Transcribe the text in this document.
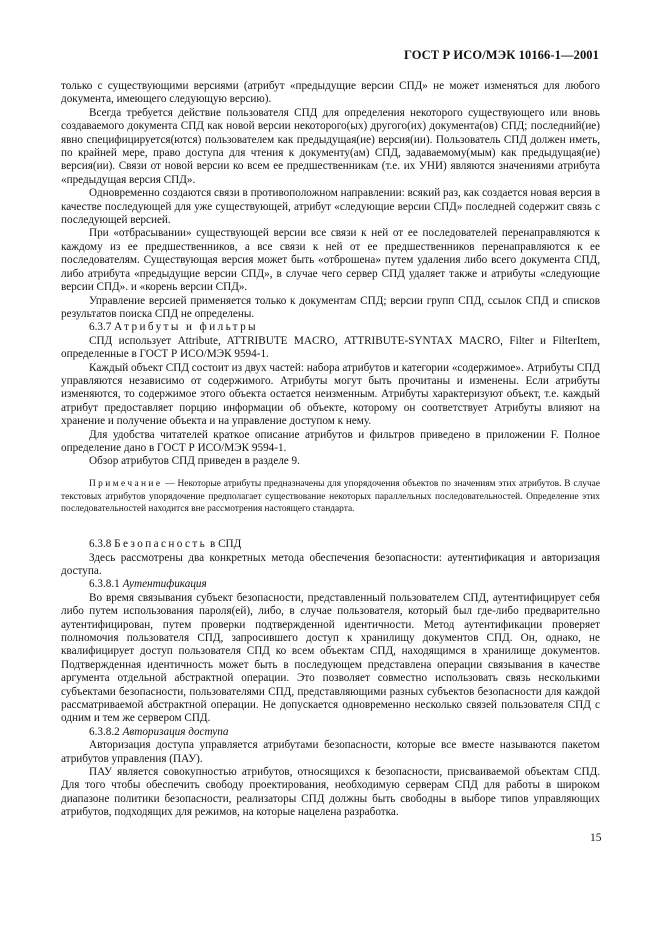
ГОСТ Р ИСО/МЭК 10166-1—2001

только с существующими версиями (атрибут «предыдущие версии СПД» не может изменяться для любого документа, имеющего следующую версию).

Всегда требуется действие пользователя СПД для определения некоторого существующего или вновь создаваемого документа СПД как новой версии некоторого(ых) другого(их) документа(ов) СПД; последний(ие) явно специфицируется(ются) пользователем как предыдущая(ие) версия(ии). Пользователь СПД должен иметь, по крайней мере, право доступа для чтения к документу(ам) СПД, задаваемому(мым) как предыдущая(ие) версия(ии). Связи от новой версии ко всем ее предшественникам (т.е. их УНИ) являются значениями атрибута «предыдущая версия СПД».

Одновременно создаются связи в противоположном направлении: всякий раз, как создается новая версия в качестве последующей для уже существующей, атрибут «следующие версии СПД» последней содержит связь с последующей версией.

При «отбрасывании» существующей версии все связи к ней от ее последователей перенаправляются к каждому из ее предшественников, а все связи к ней от ее предшественников перенаправляются к ее последователям. Существующая версия может быть «отброшена» путем удаления либо всего документа СПД, либо атрибута «предыдущие версии СПД», в случае чего сервер СПД удаляет также и атрибуты «следующие версии СПД». и «корень версии СПД».

Управление версией применяется только к документам СПД; версии групп СПД, ссылок СПД и списков результатов поиска СПД не определены.

6.3.7 Атрибуты и фильтры

СПД использует Attribute, ATTRIBUTE MACRO, ATTRIBUTE-SYNTAX MACRO, Filter и FilterItem, определенные в ГОСТ Р ИСО/МЭК 9594-1.

Каждый объект СПД состоит из двух частей: набора атрибутов и категории «содержимое». Атрибуты СПД управляются независимо от содержимого. Атрибуты могут быть прочитаны и изменены. Если атрибуты изменяются, то содержимое этого объекта остается неизменным. Атрибуты характеризуют объект, т.е. каждый атрибут предоставляет порцию информации об объекте, которому он соответствует Атрибуты влияют на хранение и получение объекта и на управление доступом к нему.

Для удобства читателей краткое описание атрибутов и фильтров приведено в приложении F. Полное определение дано в ГОСТ Р ИСО/МЭК 9594-1.

Обзор атрибутов СПД приведен в разделе 9.

Примечание — Некоторые атрибуты предназначены для упорядочения объектов по значениям этих атрибутов. В случае текстовых атрибутов упорядочение предполагает существование некоторых параллельных последовательностей. Определение этих последовательностей находится вне рассмотрения настоящего стандарта.

6.3.8 Безопасность в СПД

Здесь рассмотрены два конкретных метода обеспечения безопасности: аутентификация и авторизация доступа.

6.3.8.1 Аутентификация

Во время связывания субъект безопасности, представленный пользователем СПД, аутентифицирует себя либо путем использования пароля(ей), либо, в случае пользователя, который был где-либо предварительно аутентифицирован, путем проверки подтвержденной идентичности. Метод аутентификации проверяет полномочия пользователя СПД, запросившего доступ к хранилищу документов СПД. Он, однако, не квалифицирует доступ пользователя СПД ко всем объектам СПД, находящимся в хранилище документов. Подтвержденная идентичность может быть в последующем представлена операции связывания в качестве аргумента отдельной абстрактной операции. Это позволяет совместно использовать связь несколькими субъектами безопасности, пользователями СПД, представляющими разных субъектов безопасности для каждой рассматриваемой абстрактной операции. Не допускается одновременно несколько связей пользователя СПД с одним и тем же сервером СПД.

6.3.8.2 Авторизация доступа

Авторизация доступа управляется атрибутами безопасности, которые все вместе называются пакетом атрибутов управления (ПАУ).

ПАУ является совокупностью атрибутов, относящихся к безопасности, присваиваемой объектам СПД. Для того чтобы обеспечить свободу проектирования, необходимую серверам СПД для работы в широком диапазоне политики безопасности, реализаторы СПД должны быть свободны в выборе типов управляющих атрибутов, подходящих для режимов, на которые нацелена разработка.

15
